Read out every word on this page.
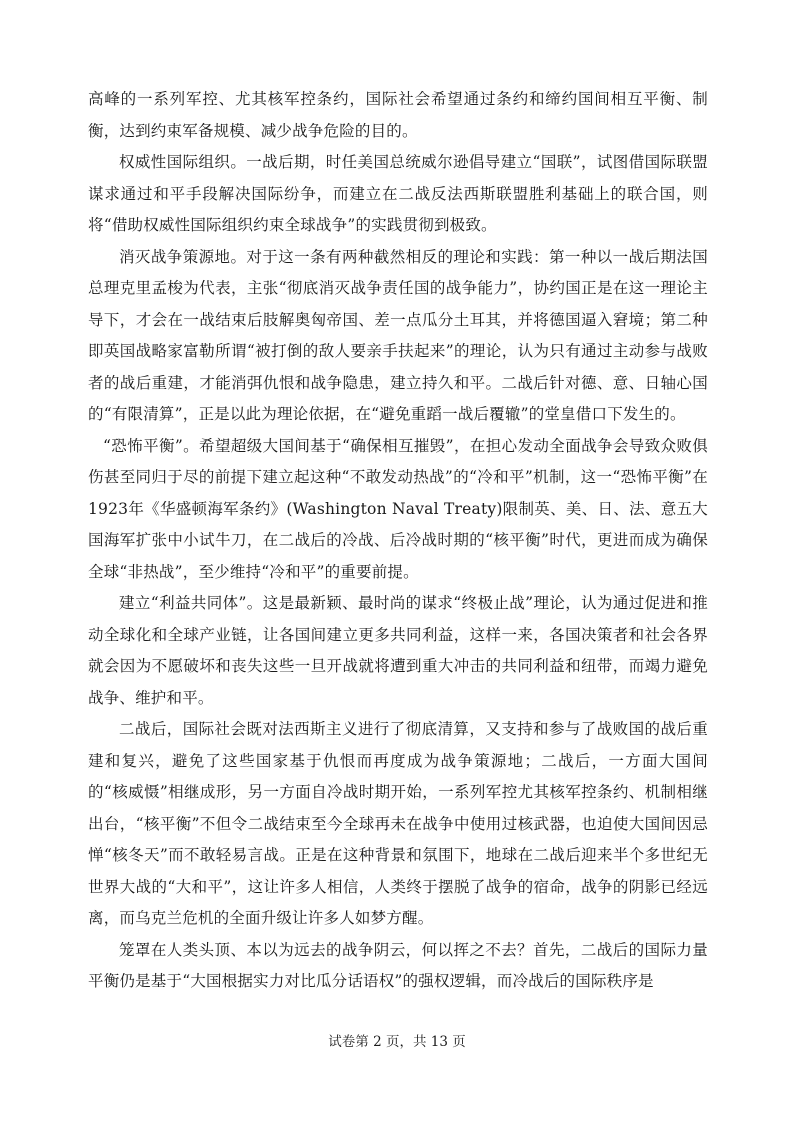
高峰的一系列军控、尤其核军控条约，国际社会希望通过条约和缔约国间相互平衡、制衡，达到约束军备规模、减少战争危险的目的。

权威性国际组织。一战后期，时任美国总统威尔逊倡导建立“国联”，试图借国际联盟谋求通过和平手段解决国际纷争，而建立在二战反法西斯联盟胜利基础上的联合国，则将“借助权威性国际组织约束全球战争”的实践贯彻到极致。

消灭战争策源地。对于这一条有两种截然相反的理论和实践：第一种以一战后期法国总理克里孟梭为代表，主张“彻底消灭战争责任国的战争能力”，协约国正是在这一理论主导下，才会在一战结束后肢解奥匈帝国、差一点瓜分土耳其，并将德国逼入窘境；第二种即英国战略家富勒所谓“被打倒的敌人要亲手扶起来”的理论，认为只有通过主动参与战败者的战后重建，才能消弭仇恨和战争隐患，建立持久和平。二战后针对德、意、日轴心国的“有限清算”，正是以此为理论依据，在“避免重蹈一战后覆辙”的堂皇借口下发生的。

“恐怖平衡”。希望超级大国间基于“确保相互摧毁”，在担心发动全面战争会导致众败俱伤甚至同归于尽的前提下建立起这种“不敢发动热战”的“冷和平”机制，这一“恐怖平衡”在1923年《华盛顿海军条约》(Washington Naval Treaty)限制英、美、日、法、意五大国海军扩张中小试牛刀，在二战后的冷战、后冷战时期的“核平衡”时代，更进而成为确保全球“非热战”，至少维持“冷和平”的重要前提。

建立“利益共同体”。这是最新颖、最时尚的谋求“终极止战”理论，认为通过促进和推动全球化和全球产业链，让各国间建立更多共同利益，这样一来，各国决策者和社会各界就会因为不愿破坏和丧失这些一旦开战就将遭到重大冲击的共同利益和纽带，而竭力避免战争、维护和平。

二战后，国际社会既对法西斯主义进行了彻底清算，又支持和参与了战败国的战后重建和复兴，避免了这些国家基于仇恨而再度成为战争策源地；二战后，一方面大国间的“核威慑”相继成形，另一方面自冷战时期开始，一系列军控尤其核军控条约、机制相继出台，“核平衡”不但令二战结束至今全球再未在战争中使用过核武器，也迫使大国间因忌惮“核冬天”而不敢轻易言战。正是在这种背景和氛围下，地球在二战后迎来半个多世纪无世界大战的“大和平”，这让许多人相信，人类终于摆脱了战争的宿命，战争的阴影已经远离，而乌克兰危机的全面升级让许多人如梦方醒。

笼罩在人类头顶、本以为远去的战争阴云，何以挥之不去？首先，二战后的国际力量平衡仍是基于“大国根据实力对比瓜分话语权”的强权逻辑，而冷战后的国际秩序是

试卷第 2 页，共 13 页
